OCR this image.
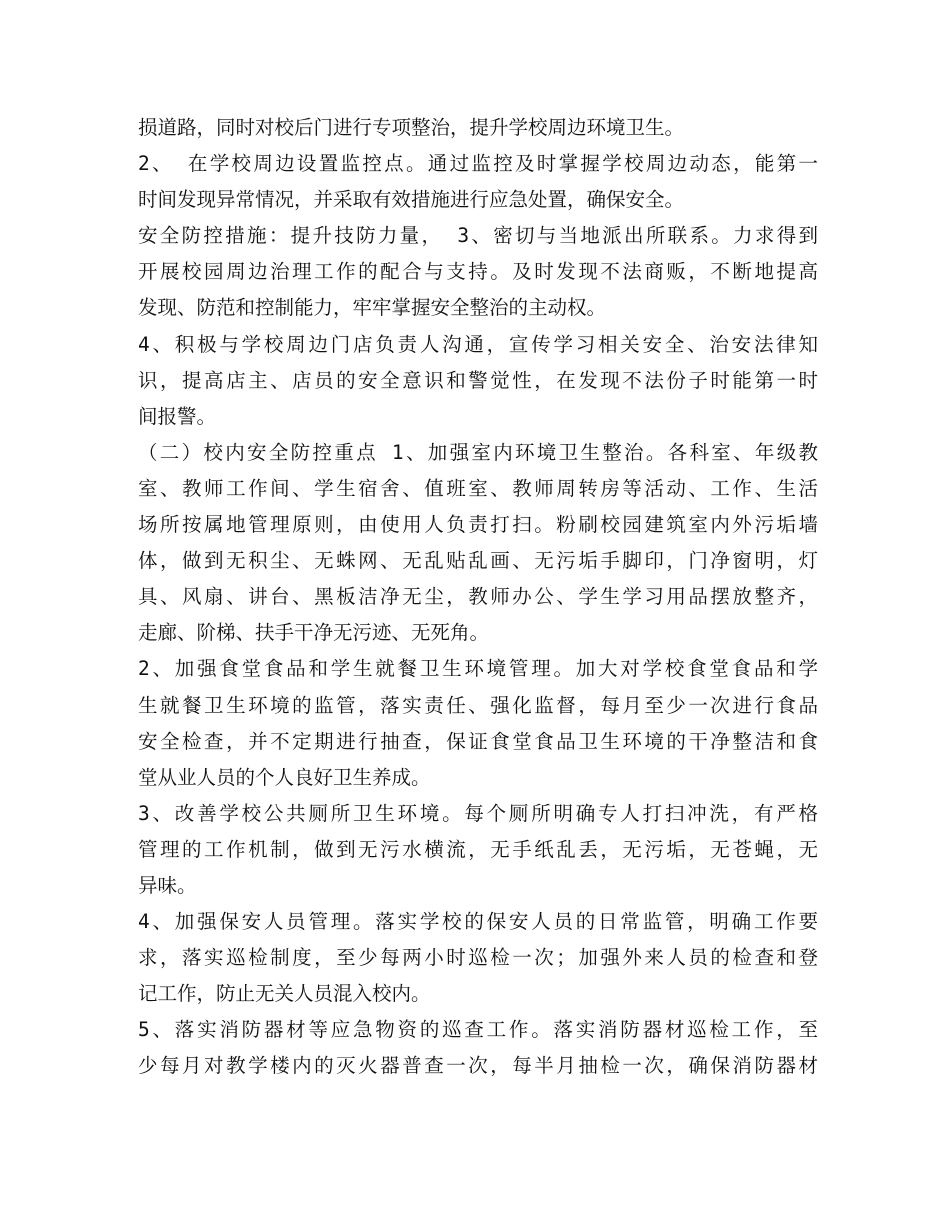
损道路，同时对校后门进行专项整治，提升学校周边环境卫生。
2、 在学校周边设置监控点。通过监控及时掌握学校周边动态，能第一
时间发现异常情况，并采取有效措施进行应急处置，确保安全。
安全防控措施：提升技防力量， 3、密切与当地派出所联系。力求得到
开展校园周边治理工作的配合与支持。及时发现不法商贩，不断地提高
发现、防范和控制能力，牢牢掌握安全整治的主动权。
4、积极与学校周边门店负责人沟通，宣传学习相关安全、治安法律知
识，提高店主、店员的安全意识和警觉性，在发现不法份子时能第一时
间报警。
（二）校内安全防控重点 1、加强室内环境卫生整治。各科室、年级教
室、教师工作间、学生宿舍、值班室、教师周转房等活动、工作、生活
场所按属地管理原则，由使用人负责打扫。粉刷校园建筑室内外污垢墙
体，做到无积尘、无蛛网、无乱贴乱画、无污垢手脚印，门净窗明，灯
具、风扇、讲台、黑板洁净无尘，教师办公、学生学习用品摆放整齐，
走廊、阶梯、扶手干净无污迹、无死角。
2、加强食堂食品和学生就餐卫生环境管理。加大对学校食堂食品和学
生就餐卫生环境的监管，落实责任、强化监督，每月至少一次进行食品
安全检查，并不定期进行抽查，保证食堂食品卫生环境的干净整洁和食
堂从业人员的个人良好卫生养成。
3、改善学校公共厕所卫生环境。每个厕所明确专人打扫冲洗，有严格
管理的工作机制，做到无污水横流，无手纸乱丢，无污垢，无苍蝇，无
异味。
4、加强保安人员管理。落实学校的保安人员的日常监管，明确工作要
求，落实巡检制度，至少每两小时巡检一次；加强外来人员的检查和登
记工作，防止无关人员混入校内。
5、落实消防器材等应急物资的巡查工作。落实消防器材巡检工作，至
少每月对教学楼内的灭火器普查一次，每半月抽检一次，确保消防器材
